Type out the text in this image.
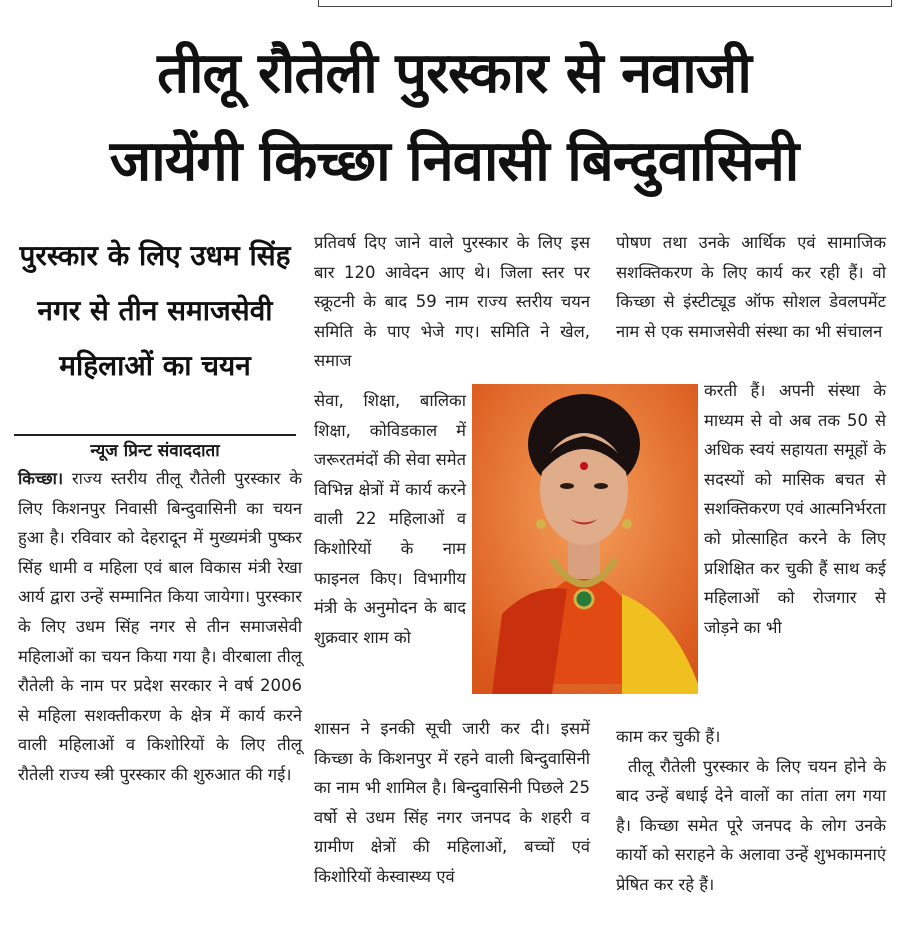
तीलू रौतेली पुरस्कार से नवाजी
जायेंगी किच्छा निवासी बिन्दुवासिनी
पुरस्कार के लिए उधम सिंह नगर से तीन समाजसेवी महिलाओं का चयन
न्यूज प्रिन्ट संवाददाता

किच्छा। राज्य स्तरीय तीलू रौतेली पुरस्कार के लिए किशनपुर निवासी बिन्दुवासिनी का चयन हुआ है। रविवार को देहरादून में मुख्यमंत्री पुष्कर सिंह धामी व महिला एवं बाल विकास मंत्री रेखा आर्य द्वारा उन्हें सम्मानित किया जायेगा। पुरस्कार के लिए उधम सिंह नगर से तीन समाजसेवी महिलाओं का चयन किया गया है। वीरबाला तीलू रौतेली के नाम पर प्रदेश सरकार ने वर्ष 2006 से महिला सशक्तीकरण के क्षेत्र में कार्य करने वाली महिलाओं व किशोरियों के लिए तीलू रौतेली राज्य स्त्री पुरस्कार की शुरुआत की गई।

प्रतिवर्ष दिए जाने वाले पुरस्कार के लिए इस बार 120 आवेदन आए थे। जिला स्तर पर स्क्रूटनी के बाद 59 नाम राज्य स्तरीय चयन समिति के पाए भेजे गए। समिति ने खेल, समाज

सेवा, शिक्षा, बालिका शिक्षा, कोविडकाल में जरूरतमंदों की सेवा समेत विभिन्न क्षेत्रों में कार्य करने वाली 22 महिलाओं व किशोरियों के नाम फाइनल किए। विभागीय मंत्री के अनुमोदन के बाद शुक्रवार शाम को

शासन ने इनकी सूची जारी कर दी। इसमें किच्छा के किशनपुर में रहने वाली बिन्दुवासिनी का नाम भी शामिल है। बिन्दुवासिनी पिछले 25 वर्षो से उधम सिंह नगर जनपद के शहरी व ग्रामीण क्षेत्रों की महिलाओं, बच्चों एवं किशोरियों केस्वास्थ्य एवं

पोषण तथा उनके आर्थिक एवं सामाजिक सशक्तिकरण के लिए कार्य कर रही हैं। वो किच्छा से इंस्टीट्यूड ऑफ सोशल डेवलपमेंट नाम से एक समाजसेवी संस्था का भी संचालन

करती हैं। अपनी संस्था के माध्यम से वो अब तक 50 से अधिक स्वयं सहायता समूहों के सदस्यों को मासिक बचत से सशक्तिकरण एवं आत्मनिर्भरता को प्रोत्साहित करने के लिए प्रशिक्षित कर चुकी हैं साथ कई महिलाओं को रोजगार से जोड़ने का भी

काम कर चुकी हैं।

तीलू रौतेली पुरस्कार के लिए चयन होने के बाद उन्हें बधाई देने वालों का तांता लग गया है। किच्छा समेत पूरे जनपद के लोग उनके कार्यो को सराहने के अलावा उन्हें शुभकामनाएं प्रेषित कर रहे हैं।
